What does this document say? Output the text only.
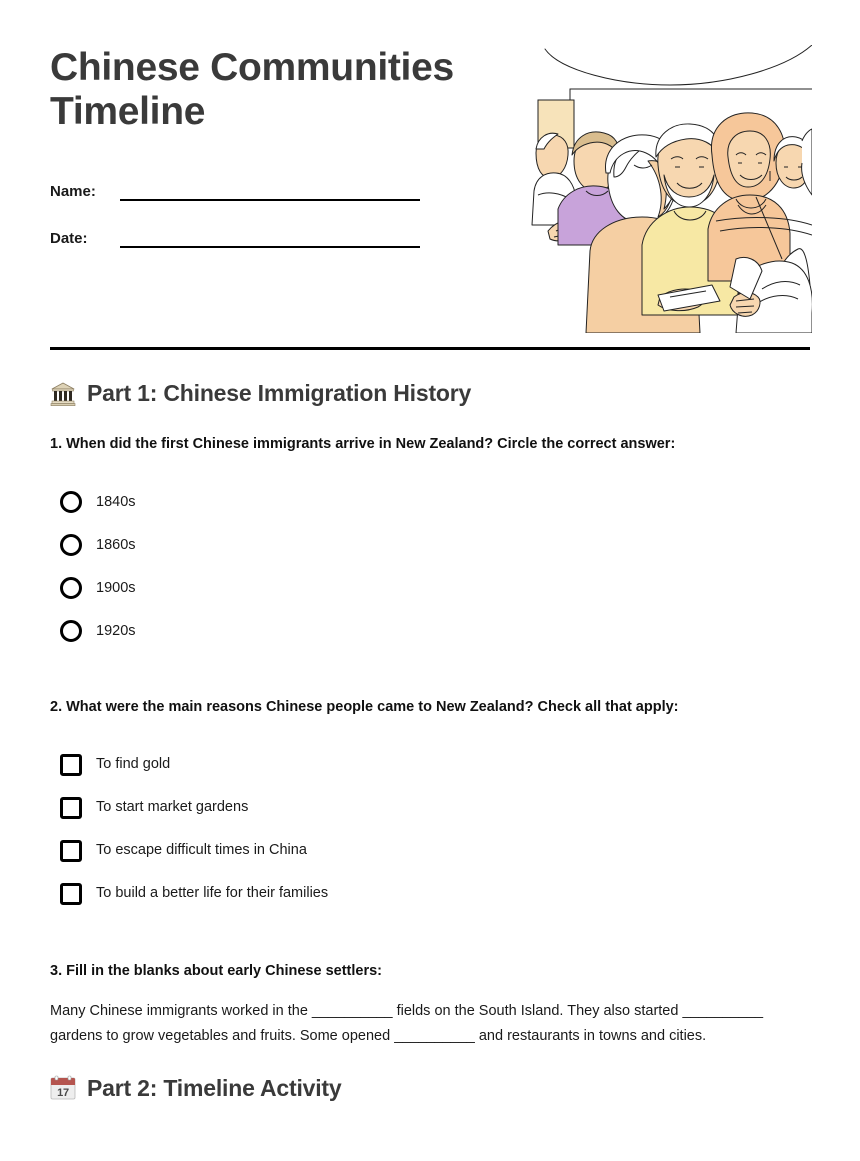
Chinese Communities Timeline
Name:
Date:
Part 1: Chinese Immigration History

1. When did the first Chinese immigrants arrive in New Zealand? Circle the correct answer:

1840s
1860s
1900s
1920s

2. What were the main reasons Chinese people came to New Zealand? Check all that apply:

To find gold
To start market gardens
To escape difficult times in China
To build a better life for their families

3. Fill in the blanks about early Chinese settlers:

Many Chinese immigrants worked in the __________ fields on the South Island. They also started __________ gardens to grow vegetables and fruits. Some opened __________ and restaurants in towns and cities.

17 Part 2: Timeline Activity
